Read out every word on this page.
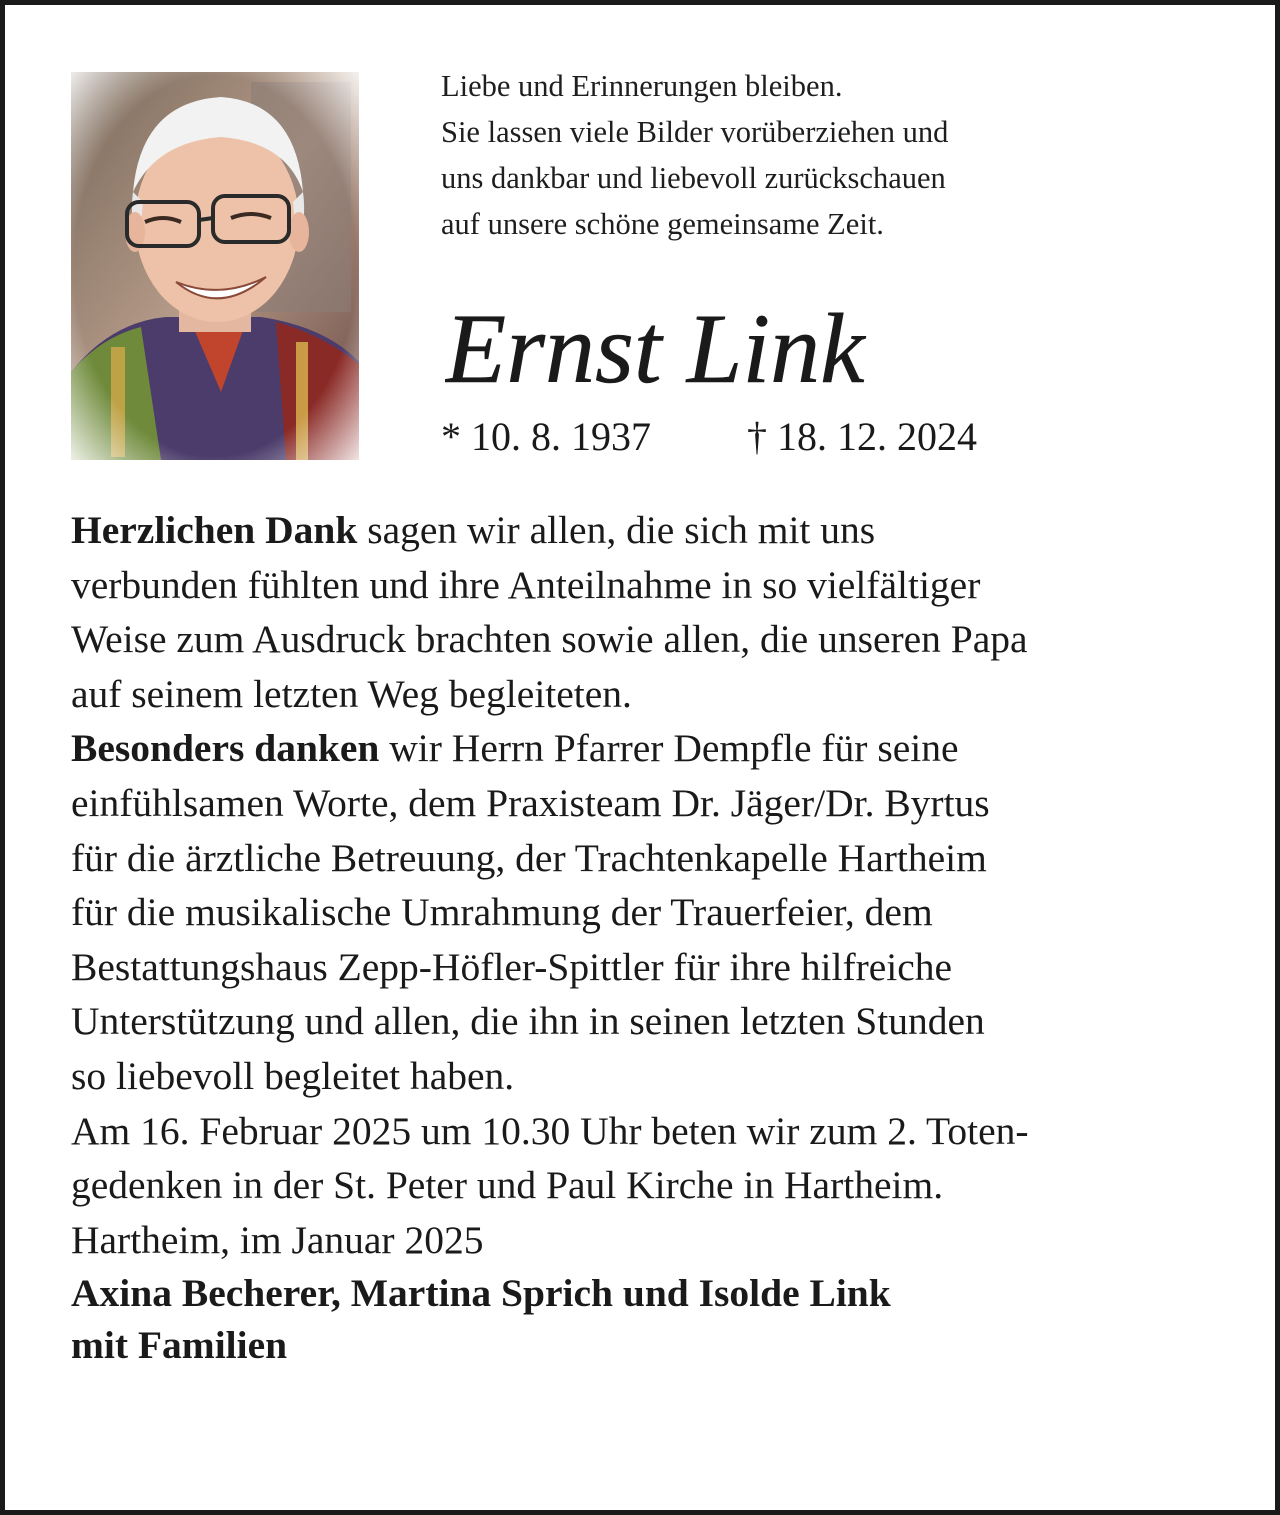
Liebe und Erinnerungen bleiben.
Sie lassen viele Bilder vorüberziehen und
uns dankbar und liebevoll zurückschauen
auf unsere schöne gemeinsame Zeit.
Ernst Link
* 10. 8. 1937 † 18. 12. 2024

Herzlichen Dank sagen wir allen, die sich mit uns
verbunden fühlten und ihre Anteilnahme in so vielfältiger
Weise zum Ausdruck brachten sowie allen, die unseren Papa
auf seinem letzten Weg begleiteten.

Besonders danken wir Herrn Pfarrer Dempfle für seine
einfühlsamen Worte, dem Praxisteam Dr. Jäger/Dr. Byrtus
für die ärztliche Betreuung, der Trachtenkapelle Hartheim
für die musikalische Umrahmung der Trauerfeier, dem
Bestattungshaus Zepp-Höfler-Spittler für ihre hilfreiche
Unterstützung und allen, die ihn in seinen letzten Stunden
so liebevoll begleitet haben.

Am 16. Februar 2025 um 10.30 Uhr beten wir zum 2. Toten-
gedenken in der St. Peter und Paul Kirche in Hartheim.

Hartheim, im Januar 2025

Axina Becherer, Martina Sprich und Isolde Link
mit Familien
